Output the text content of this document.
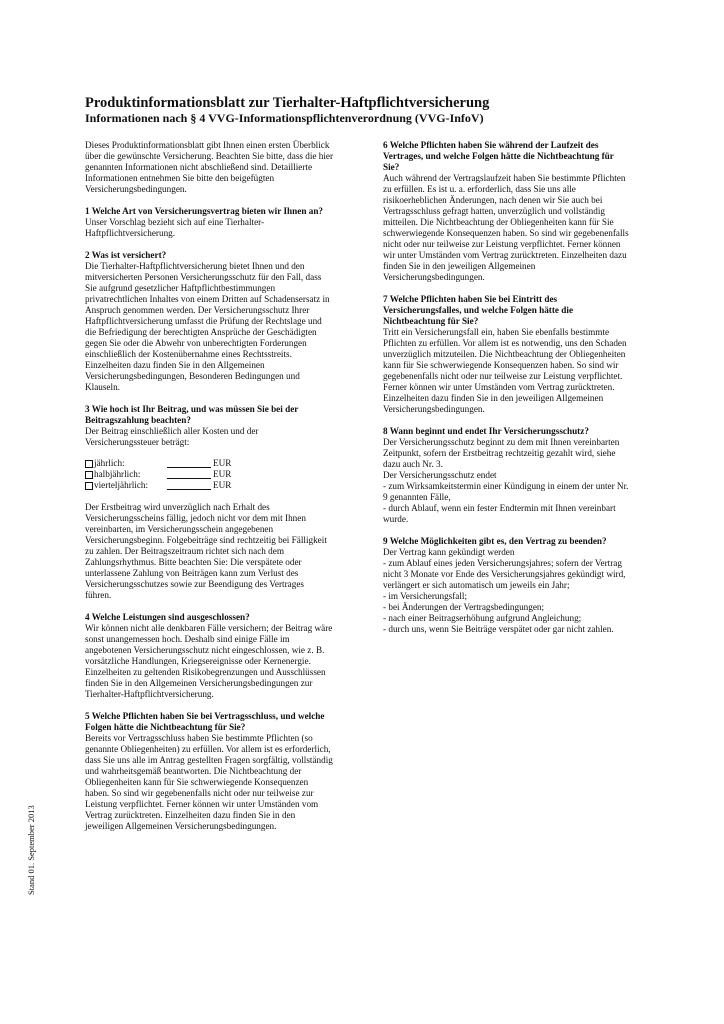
Produktinformationsblatt zur Tierhalter-Haftpflichtversicherung
Informationen nach § 4 VVG-Informationspflichtenverordnung (VVG-InfoV)

Dieses Produktinformationsblatt gibt Ihnen einen ersten Überblick
über die gewünschte Versicherung. Beachten Sie bitte, dass die hier
genannten Informationen nicht abschließend sind. Detaillierte
Informationen entnehmen Sie bitte den beigefügten
Versicherungsbedingungen.

1 Welche Art von Versicherungsvertrag bieten wir Ihnen an?

Unser Vorschlag bezieht sich auf eine Tierhalter-
Haftpflichtversicherung.

2 Was ist versichert?

Die Tierhalter-Haftpflichtversicherung bietet Ihnen und den
mitversicherten Personen Versicherungsschutz für den Fall, dass
Sie aufgrund gesetzlicher Haftpflichtbestimmungen
privatrechtlichen Inhaltes von einem Dritten auf Schadensersatz in
Anspruch genommen werden. Der Versicherungsschutz Ihrer
Haftpflichtversicherung umfasst die Prüfung der Rechtslage und
die Befriedigung der berechtigten Ansprüche der Geschädigten
gegen Sie oder die Abwehr von unberechtigten Forderungen
einschließlich der Kostenübernahme eines Rechtsstreits.
Einzelheiten dazu finden Sie in den Allgemeinen
Versicherungsbedingungen, Besonderen Bedingungen und
Klauseln.

3 Wie hoch ist Ihr Beitrag, und was müssen Sie bei der
Beitragszahlung beachten?

Der Beitrag einschließlich aller Kosten und der
Versicherungssteuer beträgt:

jährlich:	EUR
halbjährlich:	EUR
vierteljährlich:	EUR

Der Erstbeitrag wird unverzüglich nach Erhalt des
Versicherungsscheins fällig, jedoch nicht vor dem mit Ihnen
vereinbarten, im Versicherungsschein angegebenen
Versicherungsbeginn. Folgebeiträge sind rechtzeitig bei Fälligkeit
zu zahlen. Der Beitragszeitraum richtet sich nach dem
Zahlungsrhythmus. Bitte beachten Sie: Die verspätete oder
unterlassene Zahlung von Beiträgen kann zum Verlust des
Versicherungsschutzes sowie zur Beendigung des Vertrages
führen.

4 Welche Leistungen sind ausgeschlossen?

Wir können nicht alle denkbaren Fälle versichern; der Beitrag wäre
sonst unangemessen hoch. Deshalb sind einige Fälle im
angebotenen Versicherungsschutz nicht eingeschlossen, wie z. B.
vorsätzliche Handlungen, Kriegsereignisse oder Kernenergie.
Einzelheiten zu geltenden Risikobegrenzungen und Ausschlüssen
finden Sie in den Allgemeinen Versicherungsbedingungen zur
Tierhalter-Haftpflichtversicherung.

5 Welche Pflichten haben Sie bei Vertragsschluss, und welche
Folgen hätte die Nichtbeachtung für Sie?

Bereits vor Vertragsschluss haben Sie bestimmte Pflichten (so
genannte Obliegenheiten) zu erfüllen. Vor allem ist es erforderlich,
dass Sie uns alle im Antrag gestellten Fragen sorgfältig, vollständig
und wahrheitsgemäß beantworten. Die Nichtbeachtung der
Obliegenheiten kann für Sie schwerwiegende Konsequenzen
haben. So sind wir gegebenenfalls nicht oder nur teilweise zur
Leistung verpflichtet. Ferner können wir unter Umständen vom
Vertrag zurücktreten. Einzelheiten dazu finden Sie in den
jeweiligen Allgemeinen Versicherungsbedingungen.

6 Welche Pflichten haben Sie während der Laufzeit des
Vertrages, und welche Folgen hätte die Nichtbeachtung für
Sie?

Auch während der Vertragslaufzeit haben Sie bestimmte Pflichten
zu erfüllen. Es ist u. a. erforderlich, dass Sie uns alle
risikoerheblichen Änderungen, nach denen wir Sie auch bei
Vertragsschluss gefragt hatten, unverzüglich und vollständig
mitteilen. Die Nichtbeachtung der Obliegenheiten kann für Sie
schwerwiegende Konsequenzen haben. So sind wir gegebenenfalls
nicht oder nur teilweise zur Leistung verpflichtet. Ferner können
wir unter Umständen vom Vertrag zurücktreten. Einzelheiten dazu
finden Sie in den jeweiligen Allgemeinen
Versicherungsbedingungen.

7 Welche Pflichten haben Sie bei Eintritt des
Versicherungsfalles, und welche Folgen hätte die
Nichtbeachtung für Sie?

Tritt ein Versicherungsfall ein, haben Sie ebenfalls bestimmte
Pflichten zu erfüllen. Vor allem ist es notwendig, uns den Schaden
unverzüglich mitzuteilen. Die Nichtbeachtung der Obliegenheiten
kann für Sie schwerwiegende Konsequenzen haben. So sind wir
gegebenenfalls nicht oder nur teilweise zur Leistung verpflichtet.
Ferner können wir unter Umständen vom Vertrag zurücktreten.
Einzelheiten dazu finden Sie in den jeweiligen Allgemeinen
Versicherungsbedingungen.

8 Wann beginnt und endet Ihr Versicherungsschutz?

Der Versicherungsschutz beginnt zu dem mit Ihnen vereinbarten
Zeitpunkt, sofern der Erstbeitrag rechtzeitig gezahlt wird, siehe
dazu auch Nr. 3.
Der Versicherungsschutz endet
- zum Wirksamkeitstermin einer Kündigung in einem der unter Nr.
9 genannten Fälle,
- durch Ablauf, wenn ein fester Endtermin mit Ihnen vereinbart
wurde.

9 Welche Möglichkeiten gibt es, den Vertrag zu beenden?

Der Vertrag kann gekündigt werden
- zum Ablauf eines jeden Versicherungsjahres; sofern der Vertrag
nicht 3 Monate vor Ende des Versicherungsjahres gekündigt wird,
verlängert er sich automatisch um jeweils ein Jahr;
- im Versicherungsfall;
- bei Änderungen der Vertragsbedingungen;
- nach einer Beitragserhöhung aufgrund Angleichung;
- durch uns, wenn Sie Beiträge verspätet oder gar nicht zahlen.

Stand 01. September 2013
